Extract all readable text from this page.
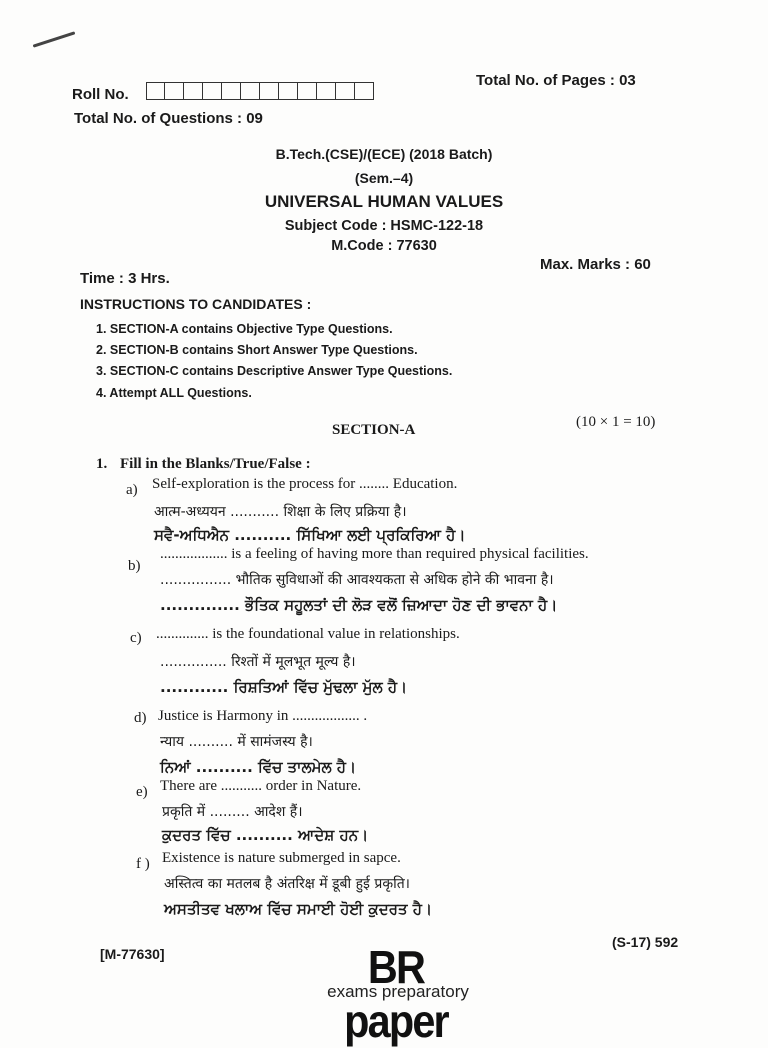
Roll No.
Total No. of Pages : 03
Total No. of Questions : 09
B.Tech.(CSE)/(ECE) (2018 Batch)
(Sem.–4)
UNIVERSAL HUMAN VALUES
Subject Code : HSMC-122-18
M.Code : 77630
Max. Marks : 60
Time : 3 Hrs.
INSTRUCTIONS TO CANDIDATES :
1. SECTION-A contains Objective Type Questions.
2. SECTION-B contains Short Answer Type Questions.
3. SECTION-C contains Descriptive Answer Type Questions.
4. Attempt ALL Questions.
SECTION-A	(10 × 1 = 10)
1. Fill in the Blanks/True/False :
a) Self-exploration is the process for ........ Education.
आत्म-अध्ययन ........... शिक्षा के लिए प्रक्रिया है।
ਸਵੈ-ਅਧਿਐਨ .......... ਸਿੱਖਿਆ ਲਈ ਪ੍ਰਕਿਰਿਆ ਹੈ।
b)
.................. is a feeling of having more than required physical facilities.
................ भौतिक सुविधाओं की आवश्यकता से अधिक होने की भावना है।
.............. ਭੌਤਿਕ ਸਹੂਲਤਾਂ ਦੀ ਲੋੜ ਵਲੋਂ ਜ਼ਿਆਦਾ ਹੋਣ ਦੀ ਭਾਵਨਾ ਹੈ।
c) .............. is the foundational value in relationships.
............... रिश्तों में मूलभूत मूल्य है।
............ ਰਿਸ਼ਤਿਆਂ ਵਿੱਚ ਮੁੱਢਲਾ ਮੁੱਲ ਹੈ।
d) Justice is Harmony in .................. .
न्याय .......... में सामंजस्य है।
ਨਿਆਂ .......... ਵਿੱਚ ਤਾਲਮੇਲ ਹੈ।
e) There are ........... order in Nature.
प्रकृति में ......... आदेश हैं।
ਕੁਦਰਤ ਵਿੱਚ .......... ਆਦੇਸ਼ ਹਨ।
f ) Existence is nature submerged in sapce.
अस्तित्व का मतलब है अंतरिक्ष में डूबी हुई प्रकृति।
ਅਸਤੀਤਵ ਖਲਾਅ ਵਿੱਚ ਸਮਾਈ ਹੋਈ ਕੁਦਰਤ ਹੈ।
[M-77630]
(S-17) 592
BR paper
exams preparatory
